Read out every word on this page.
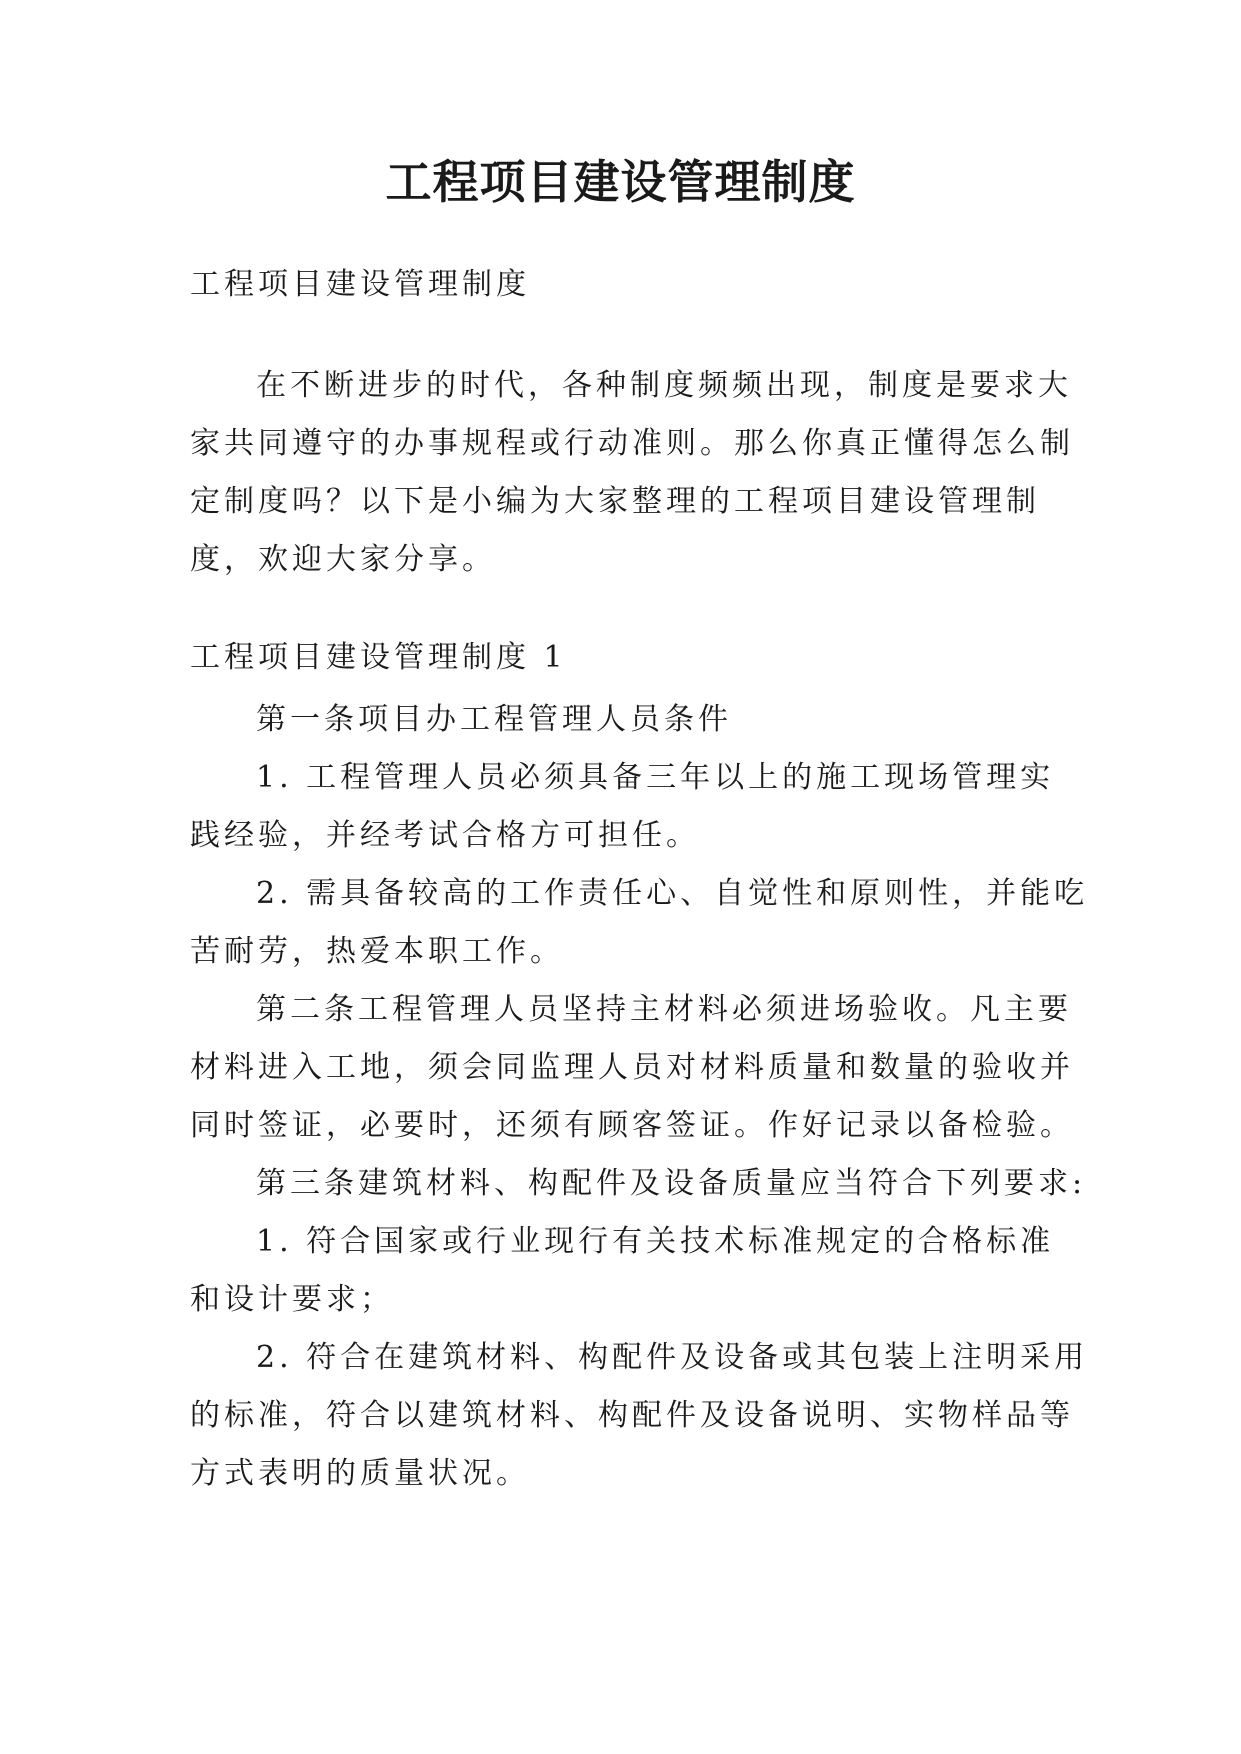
工程项目建设管理制度
工程项目建设管理制度
在不断进步的时代，各种制度频频出现，制度是要求大
家共同遵守的办事规程或行动准则。那么你真正懂得怎么制
定制度吗？以下是小编为大家整理的工程项目建设管理制
度，欢迎大家分享。
工程项目建设管理制度 1
第一条项目办工程管理人员条件
1. 工程管理人员必须具备三年以上的施工现场管理实
践经验，并经考试合格方可担任。
2. 需具备较高的工作责任心、自觉性和原则性，并能吃
苦耐劳，热爱本职工作。
第二条工程管理人员坚持主材料必须进场验收。凡主要
材料进入工地，须会同监理人员对材料质量和数量的验收并
同时签证，必要时，还须有顾客签证。作好记录以备检验。
第三条建筑材料、构配件及设备质量应当符合下列要求:
1. 符合国家或行业现行有关技术标准规定的合格标准
和设计要求；
2. 符合在建筑材料、构配件及设备或其包装上注明采用
的标准，符合以建筑材料、构配件及设备说明、实物样品等
方式表明的质量状况。
